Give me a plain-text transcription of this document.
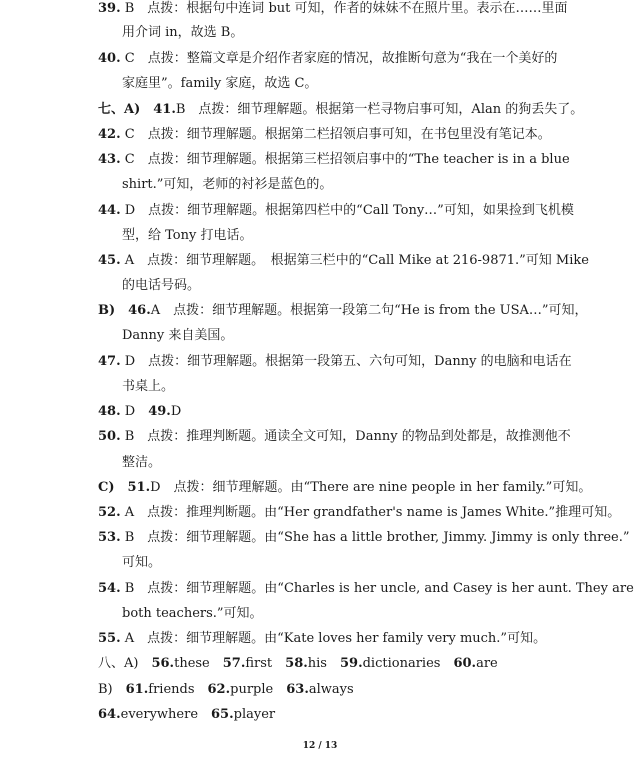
39. B　点拨：根据句中连词 but 可知，作者的妹妹不在照片里。表示在……里面
用介词 in，故选 B。
40. C　点拨：整篇文章是介绍作者家庭的情况，故推断句意为“我在一个美好的
家庭里”。family 家庭，故选 C。
七、A)　41.B　点拨：细节理解题。根据第一栏寻物启事可知，Alan 的狗丢失了。
42. C　点拨：细节理解题。根据第二栏招领启事可知，在书包里没有笔记本。
43. C　点拨：细节理解题。根据第三栏招领启事中的“The teacher is in a blue
shirt.”可知，老师的衬衫是蓝色的。
44. D　点拨：细节理解题。根据第四栏中的“Call Tony…”可知，如果捡到飞机模
型，给 Tony 打电话。
45. A　点拨：细节理解题。　根据第三栏中的“Call Mike at 216-9871.”可知 Mike
的电话号码。
B)　46.A　点拨：细节理解题。根据第一段第二句“He is from the USA…”可知，
Danny 来自美国。
47. D　点拨：细节理解题。根据第一段第五、六句可知，Danny 的电脑和电话在
书桌上。
48. D　49.D
50. B　点拨：推理判断题。通读全文可知，Danny 的物品到处都是，故推测他不
整洁。
C)　51.D　点拨：细节理解题。由“There are nine people in her family.”可知。
52. A　点拨：推理判断题。由“Her grandfather's name is James White.”推理可知。
53. B　点拨：细节理解题。由“She has a little brother, Jimmy. Jimmy is only three.”
可知。
54. B　点拨：细节理解题。由“Charles is her uncle, and Casey is her aunt. They are
both teachers.”可知。
55. A　点拨：细节理解题。由“Kate loves her family very much.”可知。
八、A)　56.these  57.first  58.his  59.dictionaries  60.are
B)　61.friends  62.purple  63.always
64.everywhere  65.player
12 / 13
